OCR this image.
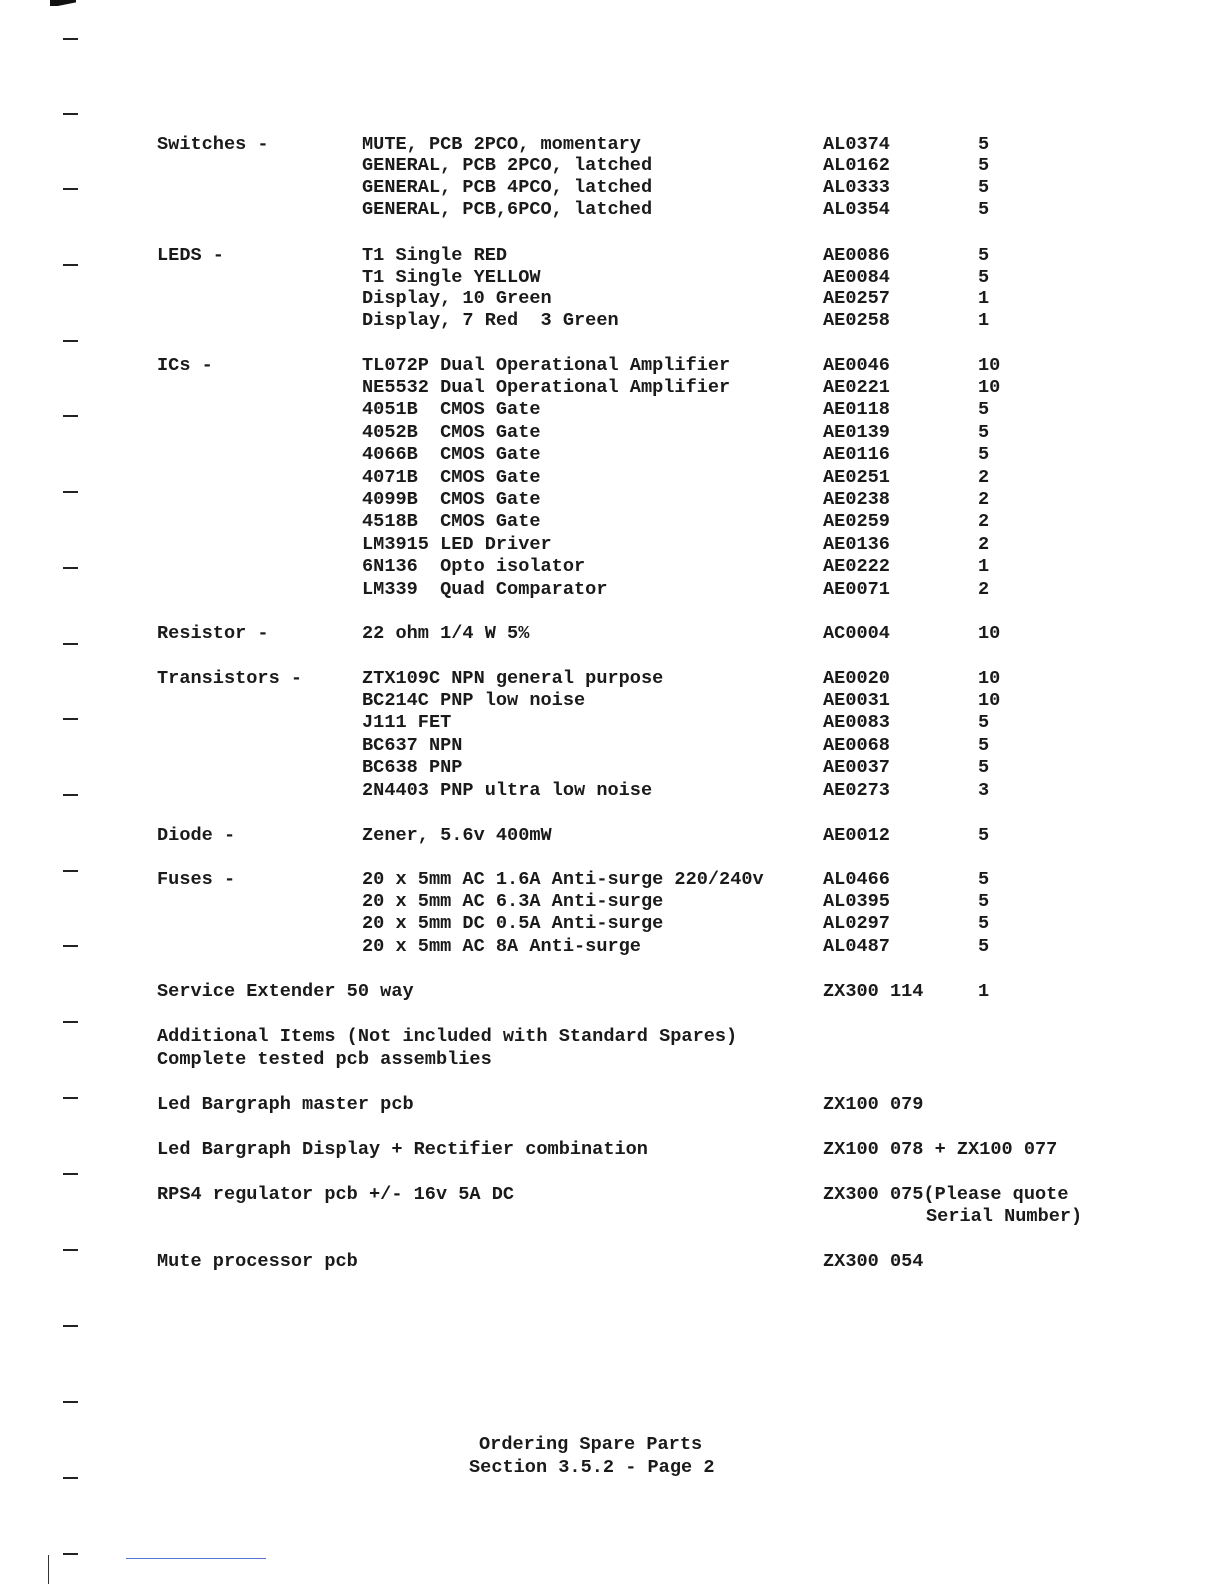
Switches -	MUTE, PCB 2PCO, momentary	AL0374	5
GENERAL, PCB 2PCO, latched	AL0162	5
GENERAL, PCB 4PCO, latched	AL0333	5
GENERAL, PCB,6PCO, latched	AL0354	5
LEDS -	T1 Single RED	AE0086	5
T1 Single YELLOW	AE0084	5
Display, 10 Green	AE0257	1
Display, 7 Red  3 Green	AE0258	1
ICs -	TL072P Dual Operational Amplifier	AE0046	10
NE5532 Dual Operational Amplifier	AE0221	10
4051B  CMOS Gate	AE0118	5
4052B  CMOS Gate	AE0139	5
4066B  CMOS Gate	AE0116	5
4071B  CMOS Gate	AE0251	2
4099B  CMOS Gate	AE0238	2
4518B  CMOS Gate	AE0259	2
LM3915 LED Driver	AE0136	2
6N136  Opto isolator	AE0222	1
LM339  Quad Comparator	AE0071	2
Resistor -	22 ohm 1/4 W 5%	AC0004	10
Transistors -	ZTX109C NPN general purpose	AE0020	10
BC214C PNP low noise	AE0031	10
J111 FET	AE0083	5
BC637 NPN	AE0068	5
BC638 PNP	AE0037	5
2N4403 PNP ultra low noise	AE0273	3
Diode -	Zener, 5.6v 400mW	AE0012	5
Fuses -	20 x 5mm AC 1.6A Anti-surge 220/240v	AL0466	5
20 x 5mm AC 6.3A Anti-surge	AL0395	5
20 x 5mm DC 0.5A Anti-surge	AL0297	5
20 x 5mm AC 8A Anti-surge	AL0487	5
Service Extender 50 way	ZX300 114	1
Additional Items (Not included with Standard Spares)
Complete tested pcb assemblies
Led Bargraph master pcb	ZX100 079
Led Bargraph Display + Rectifier combination	ZX100 078 + ZX100 077
RPS4 regulator pcb +/- 16v 5A DC	ZX300 075(Please quote
Serial Number)
Mute processor pcb	ZX300 054
Ordering Spare Parts
Section 3.5.2 - Page 2
